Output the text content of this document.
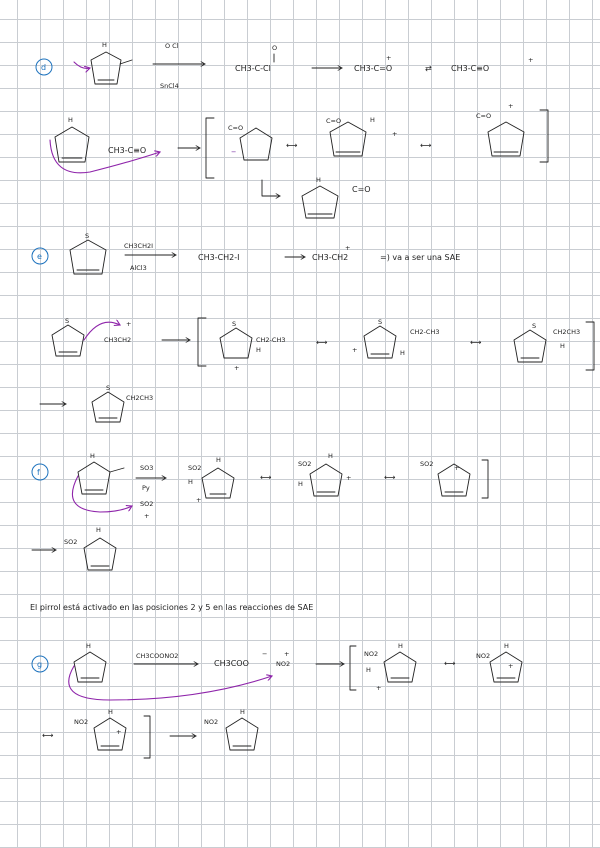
d
H	O Cl
SnCl4
CH3-C-Cl
O
CH3-C=O
+
⇄ CH3-C≡O
+
H
CH3-C≡O
C=O
−
⟷
C=O	H
+
⟷
C=O
+
H
C=O
e
S
CH3CH2I
AlCl3
CH3-CH2-I	CH3-CH2
+
=) va a ser una SAE
S
CH3CH2
+	S
CH2-CH3
H
+
⟷
S
+
CH2-CH3
H
⟷
S
CH2CH3
H
S
CH2CH3
f
H
SO3
Py
SO2
+
SO2
H
H
+
⟷
SO2
H
H
+	⟷
SO2	+
SO2
H
El pirrol está activado en las posiciones 2 y 5 en las reacciones de SAE
g
H
CH3COONO2
CH3COO
−
NO2
+	NO2
H
H
+
⟷
NO2
H
+
⟷
NO2
H
+
NO2
H
